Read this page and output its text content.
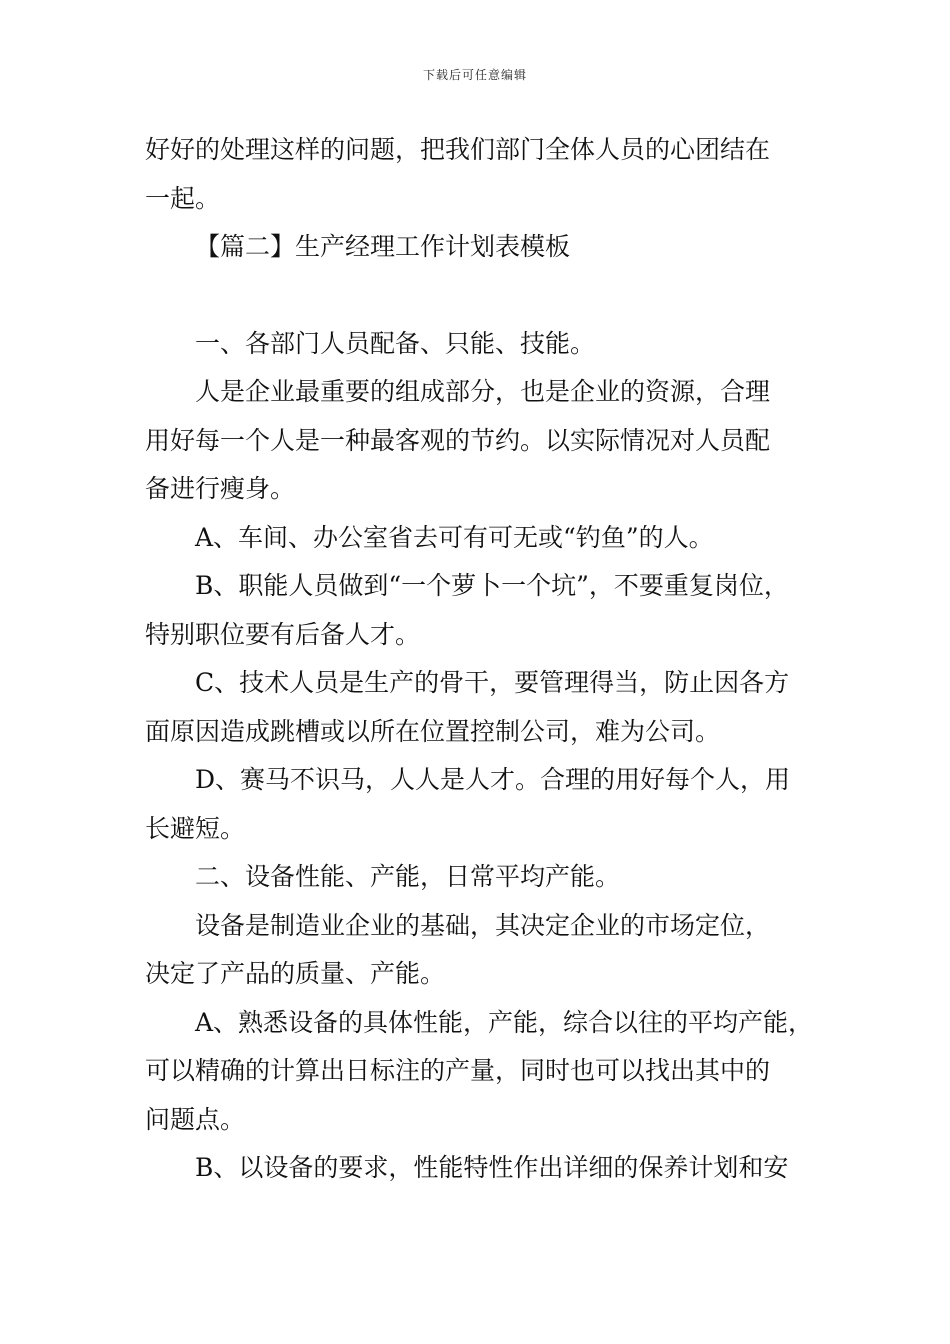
下载后可任意编辑

好好的处理这样的问题，把我们部门全体人员的心团结在

一起。

【篇二】生产经理工作计划表模板

一、各部门人员配备、只能、技能。

人是企业最重要的组成部分，也是企业的资源，合理

用好每一个人是一种最客观的节约。以实际情况对人员配

备进行瘦身。

A、车间、办公室省去可有可无或“钓鱼”的人。

B、职能人员做到“一个萝卜一个坑”，不要重复岗位，

特别职位要有后备人才。

C、技术人员是生产的骨干，要管理得当，防止因各方

面原因造成跳槽或以所在位置控制公司，难为公司。

D、赛马不识马，人人是人才。合理的用好每个人，用

长避短。

二、设备性能、产能，日常平均产能。

设备是制造业企业的基础，其决定企业的市场定位，

决定了产品的质量、产能。

A、熟悉设备的具体性能，产能，综合以往的平均产能，

可以精确的计算出日标注的产量，同时也可以找出其中的

问题点。

B、以设备的要求，性能特性作出详细的保养计划和安
